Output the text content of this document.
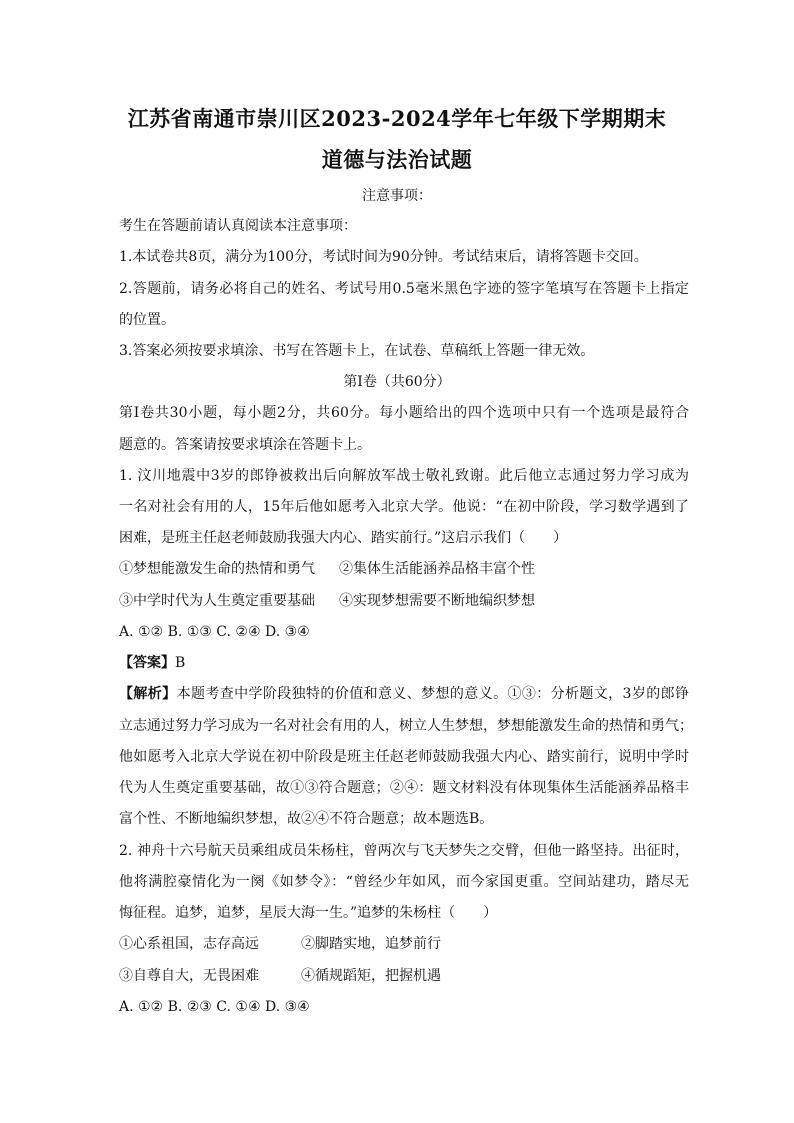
江苏省南通市崇川区2023-2024学年七年级下学期期末
道德与法治试题
注意事项：
考生在答题前请认真阅读本注意事项：
1.本试卷共8页，满分为100分，考试时间为90分钟。考试结束后，请将答题卡交回。
2.答题前，请务必将自己的姓名、考试号用0.5毫米黑色字迹的签字笔填写在答题卡上指定
的位置。
3.答案必须按要求填涂、书写在答题卡上，在试卷、草稿纸上答题一律无效。
第Ⅰ卷（共60分）
第Ⅰ卷共30小题，每小题2分，共60分。每小题给出的四个选项中只有一个选项是最符合
题意的。答案请按要求填涂在答题卡上。
1. 汶川地震中3岁的郎铮被救出后向解放军战士敬礼致谢。此后他立志通过努力学习成为
一名对社会有用的人，15年后他如愿考入北京大学。他说：“在初中阶段，学习数学遇到了
困难，是班主任赵老师鼓励我强大内心、踏实前行。”这启示我们（　　）
①梦想能激发生命的热情和勇气 ②集体生活能涵养品格丰富个性
③中学时代为人生奠定重要基础 ④实现梦想需要不断地编织梦想
A. ①② B. ①③ C. ②④ D. ③④
【答案】B
【解析】本题考查中学阶段独特的价值和意义、梦想的意义。①③：分析题文，3岁的郎铮
立志通过努力学习成为一名对社会有用的人，树立人生梦想，梦想能激发生命的热情和勇气；
他如愿考入北京大学说在初中阶段是班主任赵老师鼓励我强大内心、踏实前行，说明中学时
代为人生奠定重要基础，故①③符合题意；②④：题文材料没有体现集体生活能涵养品格丰
富个性、不断地编织梦想，故②④不符合题意；故本题选B。
2. 神舟十六号航天员乘组成员朱杨柱，曾两次与飞天梦失之交臂，但他一路坚持。出征时，
他将满腔豪情化为一阕《如梦令》：“曾经少年如风，而今家国更重。空间站建功，踏尽无
悔征程。追梦，追梦，星辰大海一生。”追梦的朱杨柱（　　）
①心系祖国，志存高远	②脚踏实地，追梦前行
③自尊自大，无畏困难	④循规蹈矩，把握机遇
A. ①② B. ②③ C. ①④ D. ③④
